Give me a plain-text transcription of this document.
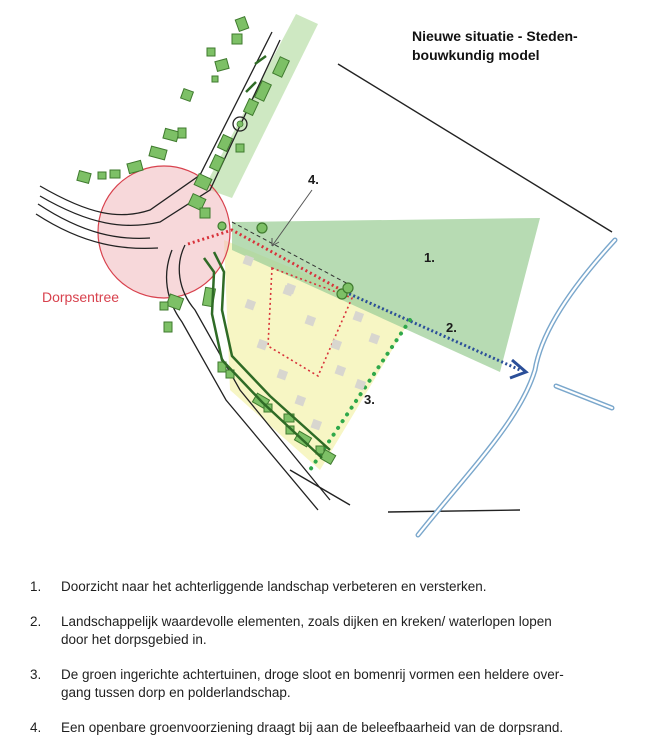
1.
2.
3.
4.
Dorpsentree
Nieuwe situatie - Steden-
bouwkundig model
1. Doorzicht naar het achterliggende landschap verbeteren en versterken.
2. Landschappelijk waardevolle elementen, zoals dijken en kreken/ waterlopen lopen
door het dorpsgebied in.
3. De groen ingerichte achtertuinen, droge sloot en bomenrij vormen een heldere over-
gang tussen dorp en polderlandschap.
4. Een openbare groenvoorziening draagt bij aan de beleefbaarheid van de dorpsrand.
